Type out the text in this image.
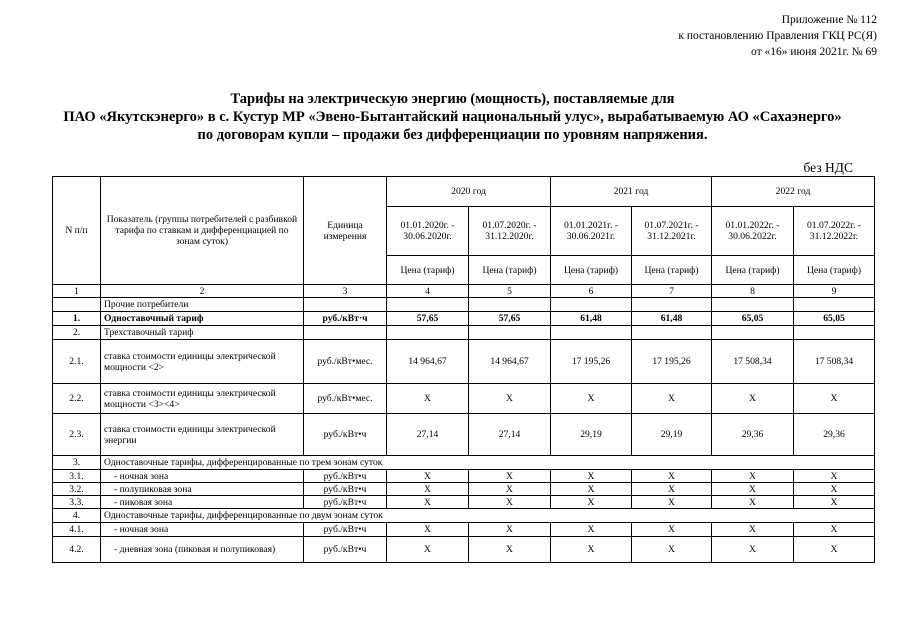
Приложение № 112
к постановлению Правления ГКЦ РС(Я)
от «16» июня 2021г. № 69
Тарифы на электрическую энергию (мощность), поставляемые для
ПАО «Якутскэнерго» в с. Кустур МР «Эвено-Бытантайский национальный улус», вырабатываемую АО «Сахаэнерго»
по договорам купли – продажи без дифференциации по уровням напряжения.
без НДС
N п/п	Показатель (группы потребителей с разбивкой тарифа по ставкам и дифференциацией по зонам суток)	Единица измерения	2020 год		2021 год		2022 год	
			01.01.2020г. - 30.06.2020г.	01.07.2020г. - 31.12.2020г.	01.01.2021г. - 30.06.2021г.	01.07.2021г. - 31.12.2021г.	01.01.2022г. - 30.06.2022г.	01.07.2022г. - 31.12.2022г.
			Цена (тариф)	Цена (тариф)	Цена (тариф)	Цена (тариф)	Цена (тариф)	Цена (тариф)
1	2	3	4	5	6	7	8	9
	Прочие потребители							
1.	Одноставочный тариф	руб./кВт·ч	57,65	57,65	61,48	61,48	65,05	65,05
2.	Трехставочный тариф							
2.1.	ставка стоимости единицы электрической мощности <2>	руб./кВт•мес.	14 964,67	14 964,67	17 195,26	17 195,26	17 508,34	17 508,34
2.2.	ставка стоимости единицы электрической мощности <3><4>	руб./кВт•мес.	X	X	X	X	X	X
2.3.	ставка стоимости единицы электрической энергии	руб./кВт•ч	27,14	27,14	29,19	29,19	29,36	29,36
3.	Одноставочные тарифы, дифференцированные по трем зонам суток							
3.1.	- ночная зона	руб./кВт•ч	X	X	X	X	X	X
3.2.	- полупиковая зона	руб./кВт•ч	X	X	X	X	X	X
3.3.	- пиковая зона	руб./кВт•ч	X	X	X	X	X	X
4.	Одноставочные тарифы, дифференцированные по двум зонам суток							
4.1.	- ночная зона	руб./кВт•ч	X	X	X	X	X	X
4.2.	- дневная зона (пиковая и полупиковая)	руб./кВт•ч	X	X	X	X	X	X
